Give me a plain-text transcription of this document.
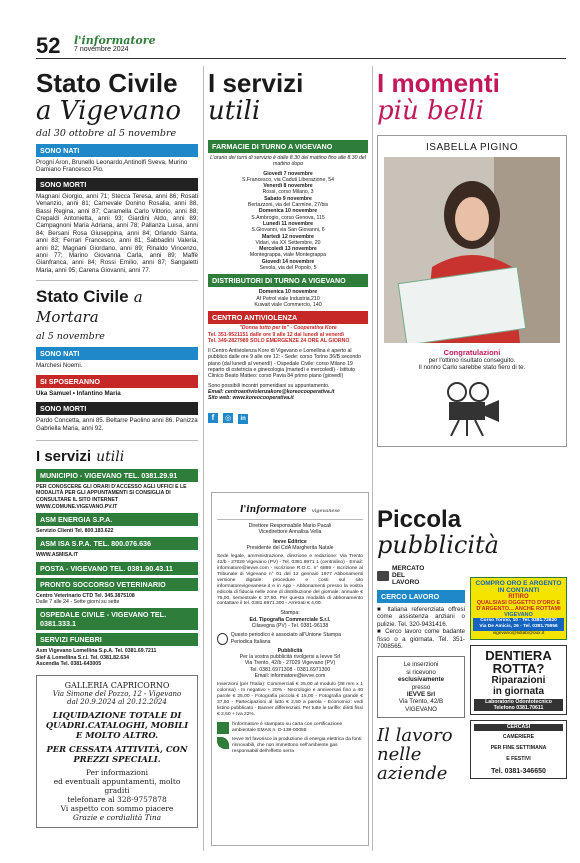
52 l'informatore
7 novembre 2024
Stato Civile
a Vigevano
dal 30 ottobre al 5 novembre
SONO NATI
Progni Aron, Brunello Leonardo,Antinolfi Sveva, Murino Damiano Francesco Pio.
SONO MORTI
Magnani Giorgio, anni 71; Stecca Teresa, anni 86; Rosati Venanzio, anni 81; Carnevale Donino Rosalia, anni 88, Bassi Regina, anni 87; Caramella Carlo Vittorio, anni 88; Crepaldi Antonietta, anni 93; Giardini Aldo, anni 89; Campagnoni Maria Adriana, anni 78; Pallanza Luisa, anni 84; Bersani Rosa Giuseppina, anni 84; Orlando Santa, anni 83; Ferrari Francesco, anni 81; Sabbadini Valeria, anni 82; Magnani Giordano, anni 89; Rinaldo Vincenzo, anni 77; Marino Giovanna Carla, anni 89; Maffè Gianfranca, anni 84; Rossi Emilio, anni 87; Sangaletti Maria, anni 95; Carena Giovanni, anni 77.
Stato Civile a Mortara
al 5 novembre
SONO NATI
Marchesi Noemi.
SI SPOSERANNO
Uka Samuel • Infantino Maria
SONO MORTI
Pardo Concetta, anni 85. Beltarre Paolino anni 86. Panizza Gabriella Maria, anni 92.
I servizi utili
MUNICIPIO - VIGEVANO TEL. 0381.29.91
PER CONOSCERE GLI ORARI D'ACCESSO AGLI UFFICI E LE MODALITÀ PER GLI APPUNTAMENTI SI CONSIGLIA DI CONSULTARE IL SITO INTERNET
WWW.COMUNE.VIGEVANO.PV.IT
ASM ENERGIA S.P.A.
Servizio Clienti Tel. 800.183.622
ASM ISA S.P.A. TEL. 800.076.636
WWW.ASMISA.IT
POSTA - VIGEVANO TEL. 0381.90.43.11
PRONTO SOCCORSO VETERINARIO
Centro Veterinario CTD Tel. 345.3875108
Dalle 7 alle 24 - Sette giorni su sette
OSPEDALE CIVILE - VIGEVANO TEL. 0381.333.1
SERVIZI FUNEBRI
Asm Vigevano Lomellina S.p.A. Tel. 0381.69.7211
Sief & Lomellina S.r.l. Tel. 0381.82.634
Ascendia Tel. 0381-643005
GALLERIA CAPRICORNO
Via Simone del Pozzo, 12 - Vigevano
dal 20.9.2024 al 20.12.2024
LIQUIDAZIONE TOTALE DI QUADRI.CATALOGHI, MOBILI E MOLTO ALTRO.
PER CESSATA ATTIVITÀ, CON PREZZI SPECIALI.
Per informazioni
ed eventuali appuntamenti, molto graditi
telefonare al 328-9757878
Vi aspetto con sommo piacere
Grazie e cordialità Tina
I servizi
utili
FARMACIE DI TURNO A VIGEVANO
L'orario dei turni di servizio è dalle 8.30 del mattino fino alle 8.30 del mattino dopo
Giovedì 7 novembre
S.Francesco, via Caduti Liberazione, 54
Venerdì 8 novembre
Rossi, corso Milano, 3
Sabato 9 novembre
Bertazzoni, via del Carmine, 27/bis
Domenica 10 novembre
S.Ambrogio, corso Genova, 115
Lunedì 11 novembre
S.Giovanni, via San Giovanni, 6
Martedì 12 novembre
Vidari, via XX Settembre, 20
Mercoledì 13 novembre
Montegrappa, viale Montegrappa
Giovedì 14 novembre
Sevola, via del Popolo, 5
DISTRIBUTORI DI TURNO A VIGEVANO
Domenica 10 novembre
Af Petrol viale Industria,210
Kuwait viale Commercio, 140
CENTRO ANTIVIOLENZA
"Donna tutto per te" - Cooperativa Kore
Tel. 351-9521151 dalle ore 9 alle 12 dal lunedì al venerdì
Tel. 349-2827989 SOLO EMERGENZE 24 ORE AL GIORNO
Il Centro Antiviolenza Kore di Vigevano e Lomellina è aperto al pubblico dalle ore 9 alle ore 12: - Sede: corso Torino 36/B secondo piano (dal lunedì al venerdì) - Ospedale Civile: corso Milano 19 reparto di ostetricia e ginecologia (martedì e mercoledì) - Istituto Clinico Beato Matteo: corso Pavia 84 primo piano (giovedì)
Sono possibili incontri pomeridiani su appuntamento.
Email: centroantiviolenzakore@koreocooperativa.it
Sito web: www.koreocooperativa.it
f ◎ in
I momenti
più belli
ISABELLA PIGINO
Congratulazioni
per l'ottimo risultato conseguito.
Il nonno Carlo sarebbe stato fiero di te.
l'informatore vigevanese
Direttore Responsabile Mario Pacali
Vicedirettore Annalisa Vella
Ievve Editrice
Presidente del CdA Margherita Natale
Sede legale, amministrazione, direzione e redazione: Via Trento 42/b - 27029 Vigevano (PV) - Tel. 0381.6971 1 (centralino) - Email: informatore@ievve.com - Iscrizione R.O.C. n° 6869 - Iscrizione al Tribunale di Vigevano n° 01 del 12 gennaio 1977 Abbonamenti versione digitale: procedure e costi sul sito informatorevigevanese.it e in App - Abbonamenti presso la vostra edicola di fiducia nelle zone di distribuzione del giornale: annuale € 75,00, semestrale € 37,50. Per questa modalità di abbonamento contattare il tel. 0381.6971.300 - Arretrati € 4,00.
Stampa:
Ed. Tipografia Commerciale S.r.l.
Cilavegna (PV) - Tel. 0381-96138
Questo periodico è associato all'Unione Stampa Periodica Italiana
Pubblicità
Per la vostra pubblicità rivolgersi a Ievve Srl
Via Trento, 42/b - 27029 Vigevano (PV)
Tel. 0381.6971308 - 0381.6971300
Email: informatore@ievve.com
Inserzioni (per l'Italia): Commerciali € 25,00 al modulo (38 mm x 1 colonna) - In negativo + 20% - Necrologie e anniversari fino a 40 parole € 25,00 - Fotografia piccola € 15,00 - Fotografia grande € 37,50 - Partecipazioni al lutto € 2,50 a parola - Economici: vedi listino pubblicato - Banner differenziati. Per tutte le tariffe: diritti fissi € 2,50 + Iva 22%.
l'informatore è stampato su carta con certificazione ambientale EMAS n. D-138-00059
Ievve Srl favorisce la produzione di energia elettrica da fonti rinnovabili, che non immettono nell'ambiente gas responsabili dell'effetto serra
Piccola
pubblicità
MERCATO DEL LAVORO
CERCO LAVORO
■ Italiana referenziata offresi come assistenza anziani o pulizie. Tel. 320-9431416.
■ Cerco lavoro come badante fisso o a giornata. Tel. 351-7008565.
Le inserzioni
si ricevono
esclusivamente
presso
IEVVE Srl
Via Trento, 42/B
VIGEVANO
Il lavoro
nelle
aziende
COMPRO ORO E ARGENTO IN CONTANTI
RITIRO
QUALSIASI OGGETTO D'ORO E D'ARGENTO... ANCHE ROTTAMI
VIGEVANO
Corso Torino, 10 - Tel. 0381.72620
Via De Amicis, 26 - Tel. 0381.75956
vigevano@lidiab@oux.it
DENTIERA
ROTTA?
Riparazioni
in giornata
Laboratorio Odontotecnico
Telefono 0381.70611
CERCASI
CAMERIERE
PER FINE SETTIMANA
E FESTIVI
Tel. 0381-346650
